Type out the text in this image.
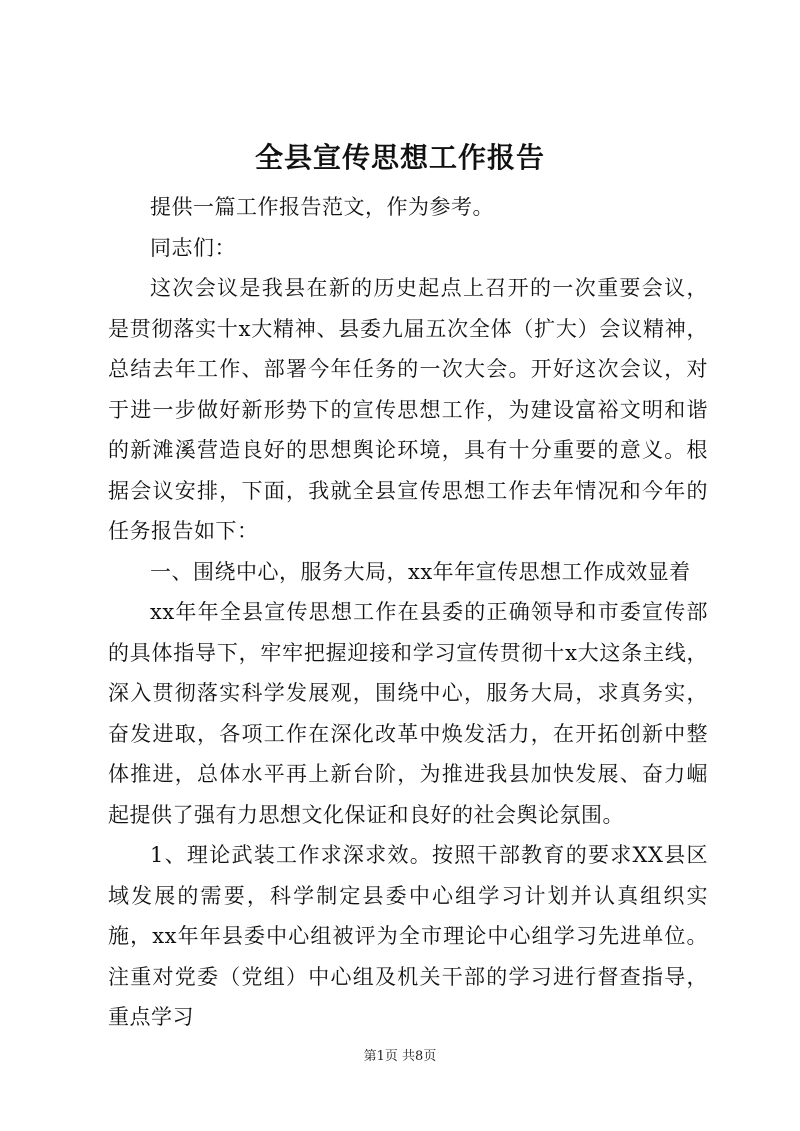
全县宣传思想工作报告

提供一篇工作报告范文，作为参考。

同志们：

这次会议是我县在新的历史起点上召开的一次重要会议，是贯彻落实十x大精神、县委九届五次全体（扩大）会议精神，总结去年工作、部署今年任务的一次大会。开好这次会议，对于进一步做好新形势下的宣传思想工作，为建设富裕文明和谐的新滩溪营造良好的思想舆论环境，具有十分重要的意义。根据会议安排，下面，我就全县宣传思想工作去年情况和今年的任务报告如下：

一、围绕中心，服务大局，xx年年宣传思想工作成效显着

xx年年全县宣传思想工作在县委的正确领导和市委宣传部的具体指导下，牢牢把握迎接和学习宣传贯彻十x大这条主线，深入贯彻落实科学发展观，围绕中心，服务大局，求真务实，奋发进取，各项工作在深化改革中焕发活力，在开拓创新中整体推进，总体水平再上新台阶，为推进我县加快发展、奋力崛起提供了强有力思想文化保证和良好的社会舆论氛围。

1、理论武装工作求深求效。按照干部教育的要求XX县区域发展的需要，科学制定县委中心组学习计划并认真组织实施，xx年年县委中心组被评为全市理论中心组学习先进单位。注重对党委（党组）中心组及机关干部的学习进行督查指导，重点学习

第1页 共8页
